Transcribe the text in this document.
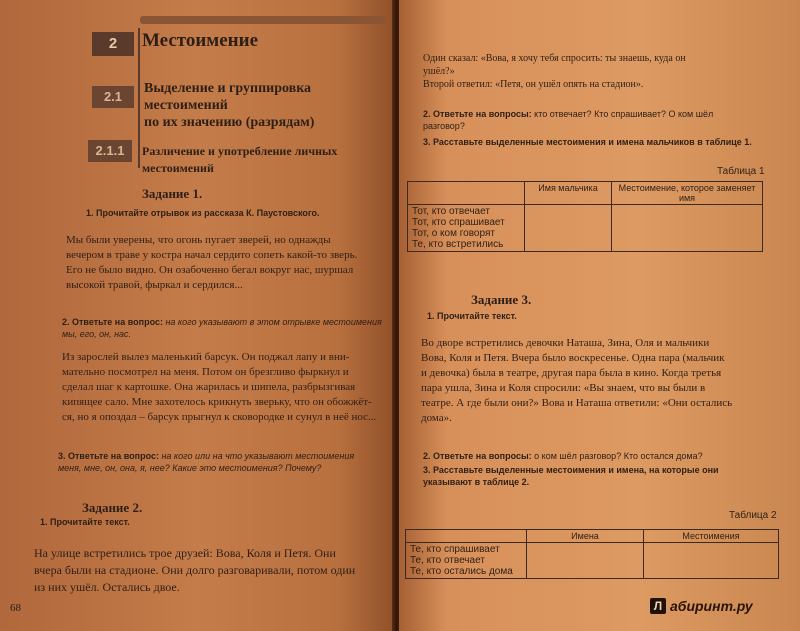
2	Местоимение
2.1
Выделение и группировка местоимений
по их значению (разрядам)
2.1.1	Различение и употребление личных местоимений
Задание 1.
1. Прочитайте отрывок из рассказа К. Паустовского.
Мы были уверены, что огонь пугает зверей, но однажды
вечером в траве у костра начал сердито сопеть какой-то зверь.
Его не было видно. Он озабоченно бегал вокруг нас, шуршал
высокой травой, фыркал и сердился...
2. Ответьте на вопрос: на кого указывают в этом отрывке местоимения
мы, его, он, нас.
Из зарослей вылез маленький барсук. Он поджал лапу и вни-
мательно посмотрел на меня. Потом он брезгливо фыркнул и
сделал шаг к картошке. Она жарилась и шипела, разбрызгивая
кипящее сало. Мне захотелось крикнуть зверьку, что он обожжёт-
ся, но я опоздал – барсук прыгнул к сковородке и сунул в неё нос...
3. Ответьте на вопрос: на кого или на что указывают местоимения
меня, мне, он, она, я, нее? Какие это местоимения? Почему?
Задание 2.
1. Прочитайте текст.
На улице встретились трое друзей: Вова, Коля и Петя. Они
вчера были на стадионе. Они долго разговаривали, потом один
из них ушёл. Остались двое.
68
Один сказал: «Вова, я хочу тебя спросить: ты знаешь, куда он
ушёл?»
Второй ответил: «Петя, он ушёл опять на стадион».
2. Ответьте на вопросы: кто отвечает? Кто спрашивает? О ком шёл
разговор?
3. Расставьте выделенные местоимения и имена мальчиков в таблице 1.
Таблица 1
	Имя мальчика	Местоимение, которое заменяет имя

Тот, кто отвечает
Тот, кто спрашивает
Тот, о ком говорят
Те, кто встретились		

Задание 3.
1. Прочитайте текст.
Во дворе встретились девочки Наташа, Зина, Оля и мальчики
Вова, Коля и Петя. Вчера было воскресенье. Одна пара (мальчик
и девочка) была в театре, другая пара была в кино. Когда третья
пара ушла, Зина и Коля спросили: «Вы знаем, что вы были в
театре. А где были они?» Вова и Наташа ответили: «Они остались
дома».
2. Ответьте на вопросы: о ком шёл разговор? Кто остался дома?
3. Расставьте выделенные местоимения и имена, на которые они
указывают в таблице 2.
Таблица 2
	Имена	Местоимения

Те, кто спрашивает
Те, кто отвечает
Те, кто остались дома		

Л абиринт.ру
